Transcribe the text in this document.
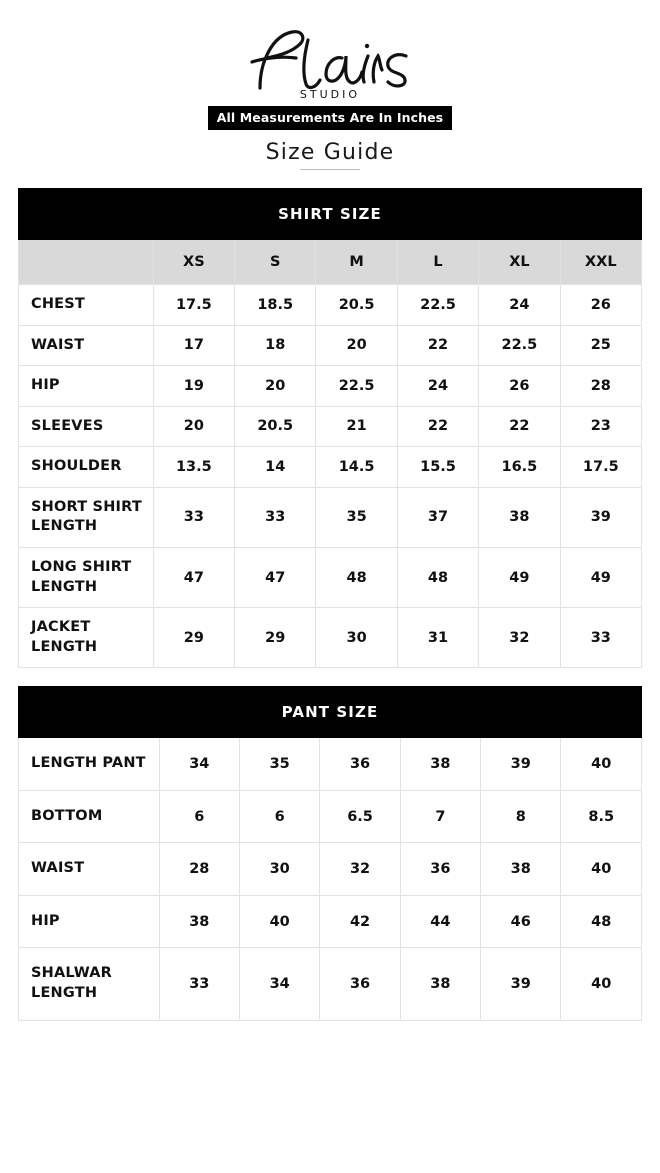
STUDIO
All Measurements Are In Inches
Size Guide
SHIRT SIZE						
	XS	S	M	L	XL	XXL
CHEST	17.5	18.5	20.5	22.5	24	26
WAIST	17	18	20	22	22.5	25
HIP	19	20	22.5	24	26	28
SLEEVES	20	20.5	21	22	22	23
SHOULDER	13.5	14	14.5	15.5	16.5	17.5
SHORT SHIRT LENGTH	33	33	35	37	38	39
LONG SHIRT LENGTH	47	47	48	48	49	49
JACKET LENGTH	29	29	30	31	32	33
PANT SIZE						
LENGTH PANT	34	35	36	38	39	40
BOTTOM	6	6	6.5	7	8	8.5
WAIST	28	30	32	36	38	40
HIP	38	40	42	44	46	48
SHALWAR LENGTH	33	34	36	38	39	40
